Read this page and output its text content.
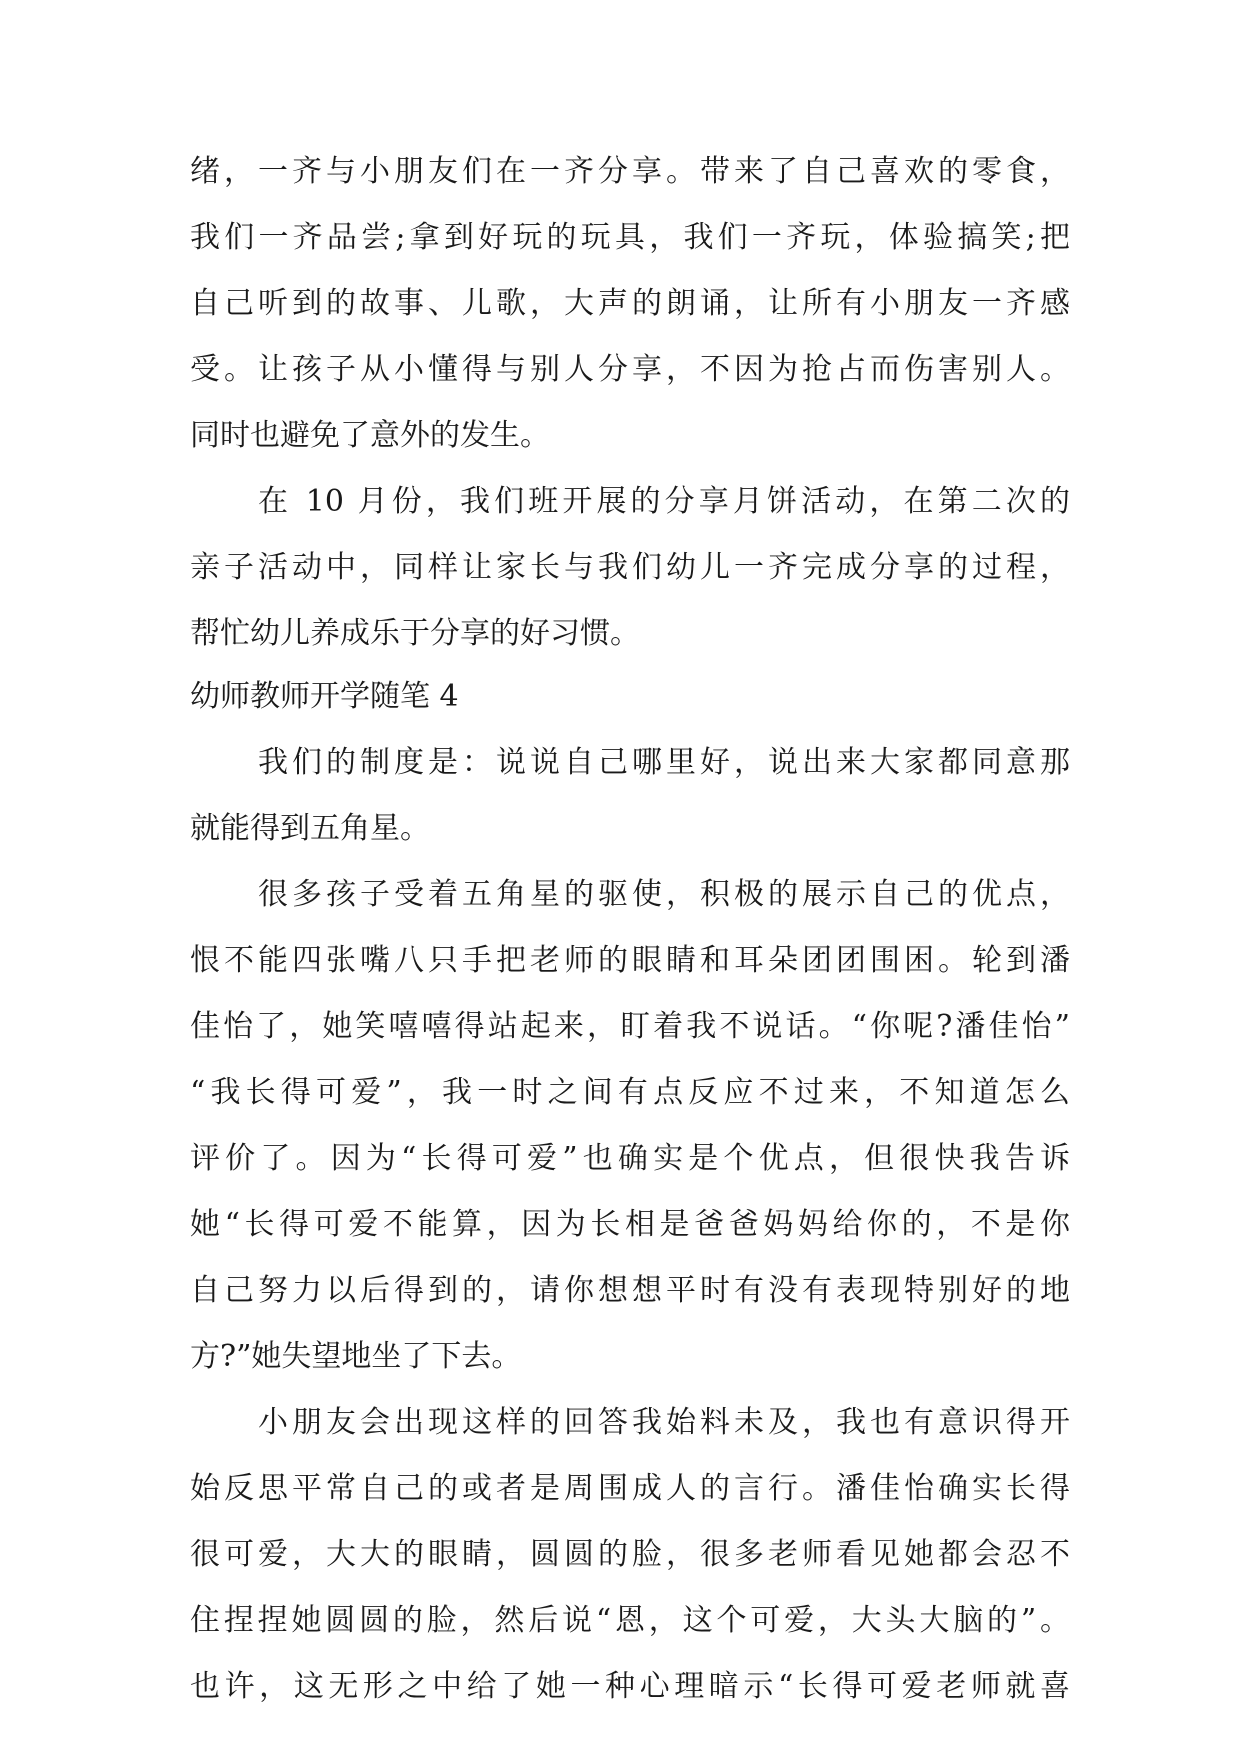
绪，一齐与小朋友们在一齐分享。带来了自己喜欢的零食，
我们一齐品尝;拿到好玩的玩具，我们一齐玩，体验搞笑;把
自己听到的故事、儿歌，大声的朗诵，让所有小朋友一齐感
受。让孩子从小懂得与别人分享，不因为抢占而伤害别人。
同时也避免了意外的发生。
在 10 月份，我们班开展的分享月饼活动，在第二次的
亲子活动中，同样让家长与我们幼儿一齐完成分享的过程，
帮忙幼儿养成乐于分享的好习惯。
幼师教师开学随笔 4
我们的制度是：说说自己哪里好，说出来大家都同意那
就能得到五角星。
很多孩子受着五角星的驱使，积极的展示自己的优点，
恨不能四张嘴八只手把老师的眼睛和耳朵团团围困。轮到潘
佳怡了，她笑嘻嘻得站起来，盯着我不说话。“你呢?潘佳怡”
“我长得可爱”，我一时之间有点反应不过来，不知道怎么
评价了。因为“长得可爱”也确实是个优点，但很快我告诉
她“长得可爱不能算，因为长相是爸爸妈妈给你的，不是你
自己努力以后得到的，请你想想平时有没有表现特别好的地
方?”她失望地坐了下去。
小朋友会出现这样的回答我始料未及，我也有意识得开
始反思平常自己的或者是周围成人的言行。潘佳怡确实长得
很可爱，大大的眼睛，圆圆的脸，很多老师看见她都会忍不
住捏捏她圆圆的脸，然后说“恩，这个可爱，大头大脑的”。
也许，这无形之中给了她一种心理暗示“长得可爱老师就喜
